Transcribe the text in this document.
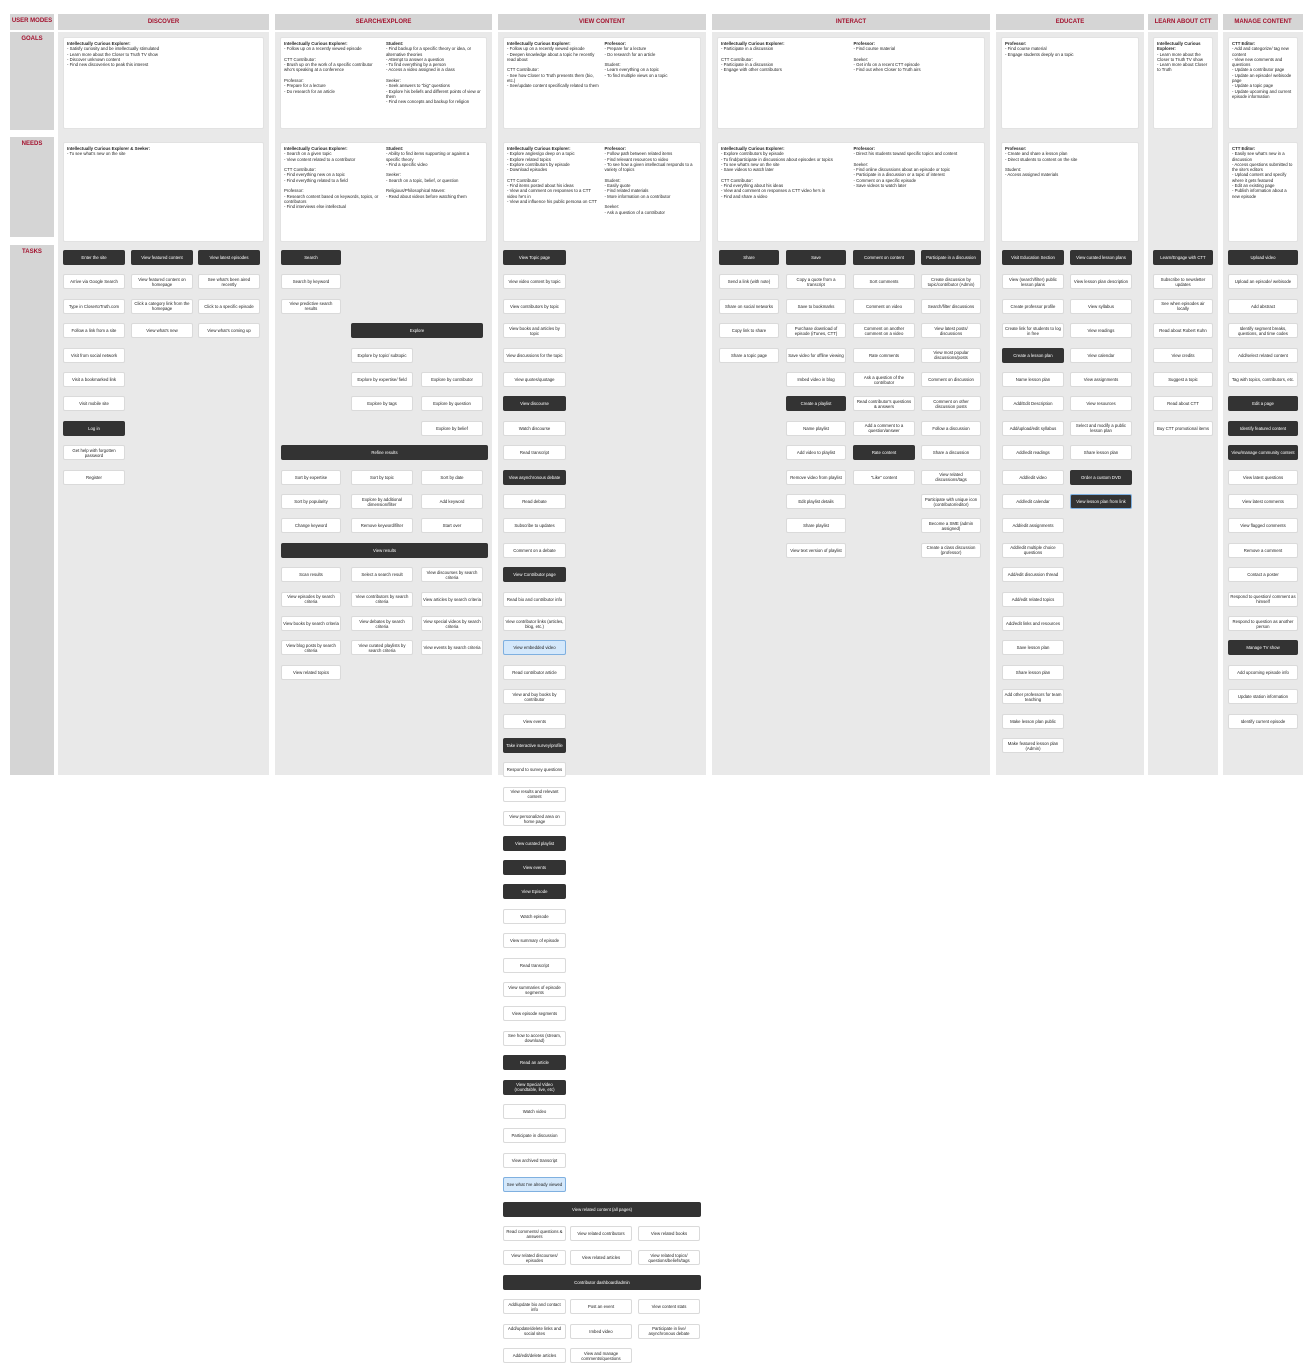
USER MODES
GOALS
NEEDS
TASKS
DISCOVER
Intellectually Curious Explorer:
- Satisfy curiosity and be intellectually stimulated
- Learn more about the Closer to Truth TV show
- Discover unknown content
- Find new discoveries to peak this interest
Intellectually Curious Explorer & Seeker:
- To see what's new on the site
Enter the site
Arrive via Google Search
Type in ClosertoTruth.com
Follow a link from a site
Visit from social network
Visit a bookmarked link
Visit mobile site
Log in
Get help with forgotten password
Register
View featured content
View featured content on homepage
Click a category link from the homepage
View what's new
View latest episodes
See what's been aired recently
Click to a specific episode
View what's coming up
SEARCH/EXPLORE
Intellectually Curious Explorer:
- Follow up on a recently viewed episode

CTT Contributor:
- Brush up on the work of a specific contributor who's speaking at a conference

Professor:
- Prepare for a lecture
- Do research for an article
Student:
- Find backup for a specific theory or idea, or alternative theories
- Attempt to answer a question
- To find everything by a person
- Access a video assigned in a class

Seeker:
- Seek answers to "big" questions
- Explore his beliefs and different points of view or them
- Find new concepts and backup for religion
Intellectually Curious Explorer:
- Search on a given topic
- View content related to a contributor

CTT Contributor:
- Find everything new on a topic
- Find everything related to a field

Professor:
- Research content based on keywords, topics, or contributors
- Find interviews else intellectual
Student:
- Ability to find items supporting or against a specific theory
- Find a specific video

Seeker:
- Search on a topic, belief, or question

Religious/Philosophical Maven:
- Read about videos before watching them
Search
Search by keyword
View predictive search results
Explore
Explore by topic/ subtopic
Explore by expertise/ field
Explore by tags
Explore by contributor
Explore by question
Explore by belief
Refine results
Sort by expertise
Sort by popularity
Change keyword
Sort by topic
Explore by additional dimension/filter
Remove keyword/filter
Sort by date
Add keyword
Start over
View results
Scan results
View episodes by search criteria
View books by search criteria
View blog posts by search criteria
View related topics
Select a search result
View contributors by search criteria
View debates by search criteria
View curated playlists by search criteria
View discourses by search criteria
View articles by search criteria
View special videos by search criteria
View events by search criteria
VIEW CONTENT
Intellectually Curious Explorer:
- Follow up on a recently viewed episode
- Deepen knowledge about a topic he recently read about

CTT Contributor:
- See how Closer to Truth presents them (bio, etc.)
- See/update content specifically related to them
Professor:
- Prepare for a lecture
- Do research for an article

Student:
- Learn everything on a topic
- To find multiple views on a topic
Intellectually Curious Explorer:
- Explore angles/go deep on a topic
- Explore related topics
- Explore contributors by episode
- Download episodes

CTT Contributor:
- Find items posted about his ideas
- View and comment on responses to a CTT video he's in
- View and influence his public persona on CTT
Professor:
- Follow path between related items
- Find relevant resources to video
- To see how a given intellectual responds to a variety of topics

Student:
- Easily quote
- Find related materials
- More information on a contributor

Seeker:
- Ask a question of a contributor
View Topic page
View video content by topic
View contributors by topic
View books and articles by topic
View discussions for the topic
View quotes/quotage
View discourse
Watch discourse
Read transcript
View asynchronous debate
Read debate
Subscribe to updates
Comment on a debate
View Contributor page
Read bio and contributor info
View contributor links (articles, blog, etc.)
View embedded video
Read contributor article
View and buy books by contributor
View events
Take interactive survey/profile
Respond to survey questions
View results and relevant content
View personalized area on home page
View curated playlist
View events
View Episode
Watch episode
View summary of episode
Read transcript
View summaries of episode segments
View episode segments
See how to access (stream, download)
Read an article
View Special Video (roundtable, live, etc)
Watch video
Participate in discussion
View archived transcript
See what I've already viewed
View related content (all pages)
Read comments/ questions & answers
View related discourses/ episodes
View related contributors
View related articles
View related books
View related topics/ questions/beliefs/tags
Contributor dashboard/admin
Add/update bio and contact info
Add/update/delete links and social sites
Add/edit/delete articles
Post an event
Imbed video
View and manage comments/questions
View content stats
Participate in live/ asynchronous debate
INTERACT
Intellectually Curious Explorer:
- Participate in a discussion

CTT Contributor:
- Participate in a discussion
- Engage with other contributors
Professor:
- Find course material

Seeker:
- Get info on a recent CTT episode
- Find out when Closer to Truth airs
Intellectually Curious Explorer:
- Explore contributors by episode
- To find/participate in discussions about episodes or topics
- To see what's new on the site
- Save videos to watch later

CTT Contributor:
- Find everything about his ideas
- View and comment on responses a CTT video he's in
- Find and share a video
Professor:
- Direct his students toward specific topics and content

Seeker:
- Find online discussions about an episode or topic
- Participate in a discussion or a topic of interest
- Comment on a specific episode
- Save videos to watch later
Share
Send a link (with note)
Share on social networks
Copy link to share
Share a topic page
Save
Copy a quote from a transcript
Save to bookmarks
Purchase download of episode (iTunes, CTT)
Save video for offline viewing
Imbed video in blog
Create a playlist
Name playlist
Add video to playlist
Remove video from playlist
Edit playlist details
Share playlist
View text version of playlist
Comment on content
Sort comments
Comment on video
Comment on another comment on a video
Rate comments
Ask a question of the contributor
Read contributor's questions & answers
Add a comment to a question/answer
Rate content
"Like" content
Participate in a discussion
Create discussion by topic/contributor (Admin)
Search/filter discussions
View latest posts/ discussions
View most popular discussions/posts
Comment on discussion
Comment on other discussion posts
Follow a discussion
Share a discussion
View related discussions/tags
Participate with unique icon (contributor/editor)
Become a SME (admin assigned)
Create a class discussion (professor)
EDUCATE
Professor:
- Find course material
- Engage students deeply on a topic
Professor:
- Create and share a lesson plan
- Direct students to content on the site

Student:
- Access assigned materials
Visit Education Section
View (search/filter) public lesson plans
Create professor profile
Create link for students to log in free
Create a lesson plan
Name lesson plan
Add/Edit Description
Add/upload/edit syllabus
Add/edit readings
Add/edit video
Add/edit calendar
Add/edit assignments
Add/edit multiple choice questions
Add/edit discussion thread
Add/edit related topics
Add/edit links and resources
Save lesson plan
Share lesson plan
Add other professors for team teaching
Make lesson plan public
Make featured lesson plan (Admin)
View curated lesson plans
View lesson plan description
View syllabus
View readings
View calendar
View assignments
View resources
Select and modify a public lesson plan
Share lesson plan
Order a custom DVD
View lesson plan from link
LEARN ABOUT CTT
Intellectually Curious Explorer:
- Learn more about the Closer to Truth TV show
- Learn more about Closer to Truth
Learn/Engage with CTT
Subscribe to newsletter updates
See when episodes air locally
Read about Robert Kuhn
View credits
Suggest a topic
Read about CTT
Buy CTT promotional items
MANAGE CONTENT
CTT Editor:
- Add and categorize/ tag new content
- View new comments and questions
- Update a contributor page
- Update an episode/ webisode page
- Update a topic page
- Update upcoming and current episode information
CTT Editor:
- Easily see what's new in a discussion
- Access questions submitted to the site's editors
- Upload content and specify where it gets featured
- Edit an existing page
- Publish information about a new episode
Upload video
Upload an episode/ webisode
Add abstract
Identify segment breaks, questions, and time codes
Add/select related content
Tag with topics, contributors, etc.
Edit a page
Identify featured content
View/manage community content
View latest questions
View latest comments
View flagged comments
Remove a comment
Contact a poster
Respond to question/ comment as himself
Respond to question as another person
Manage TV show
Add upcoming episode info
Update station information
Identify current episode
